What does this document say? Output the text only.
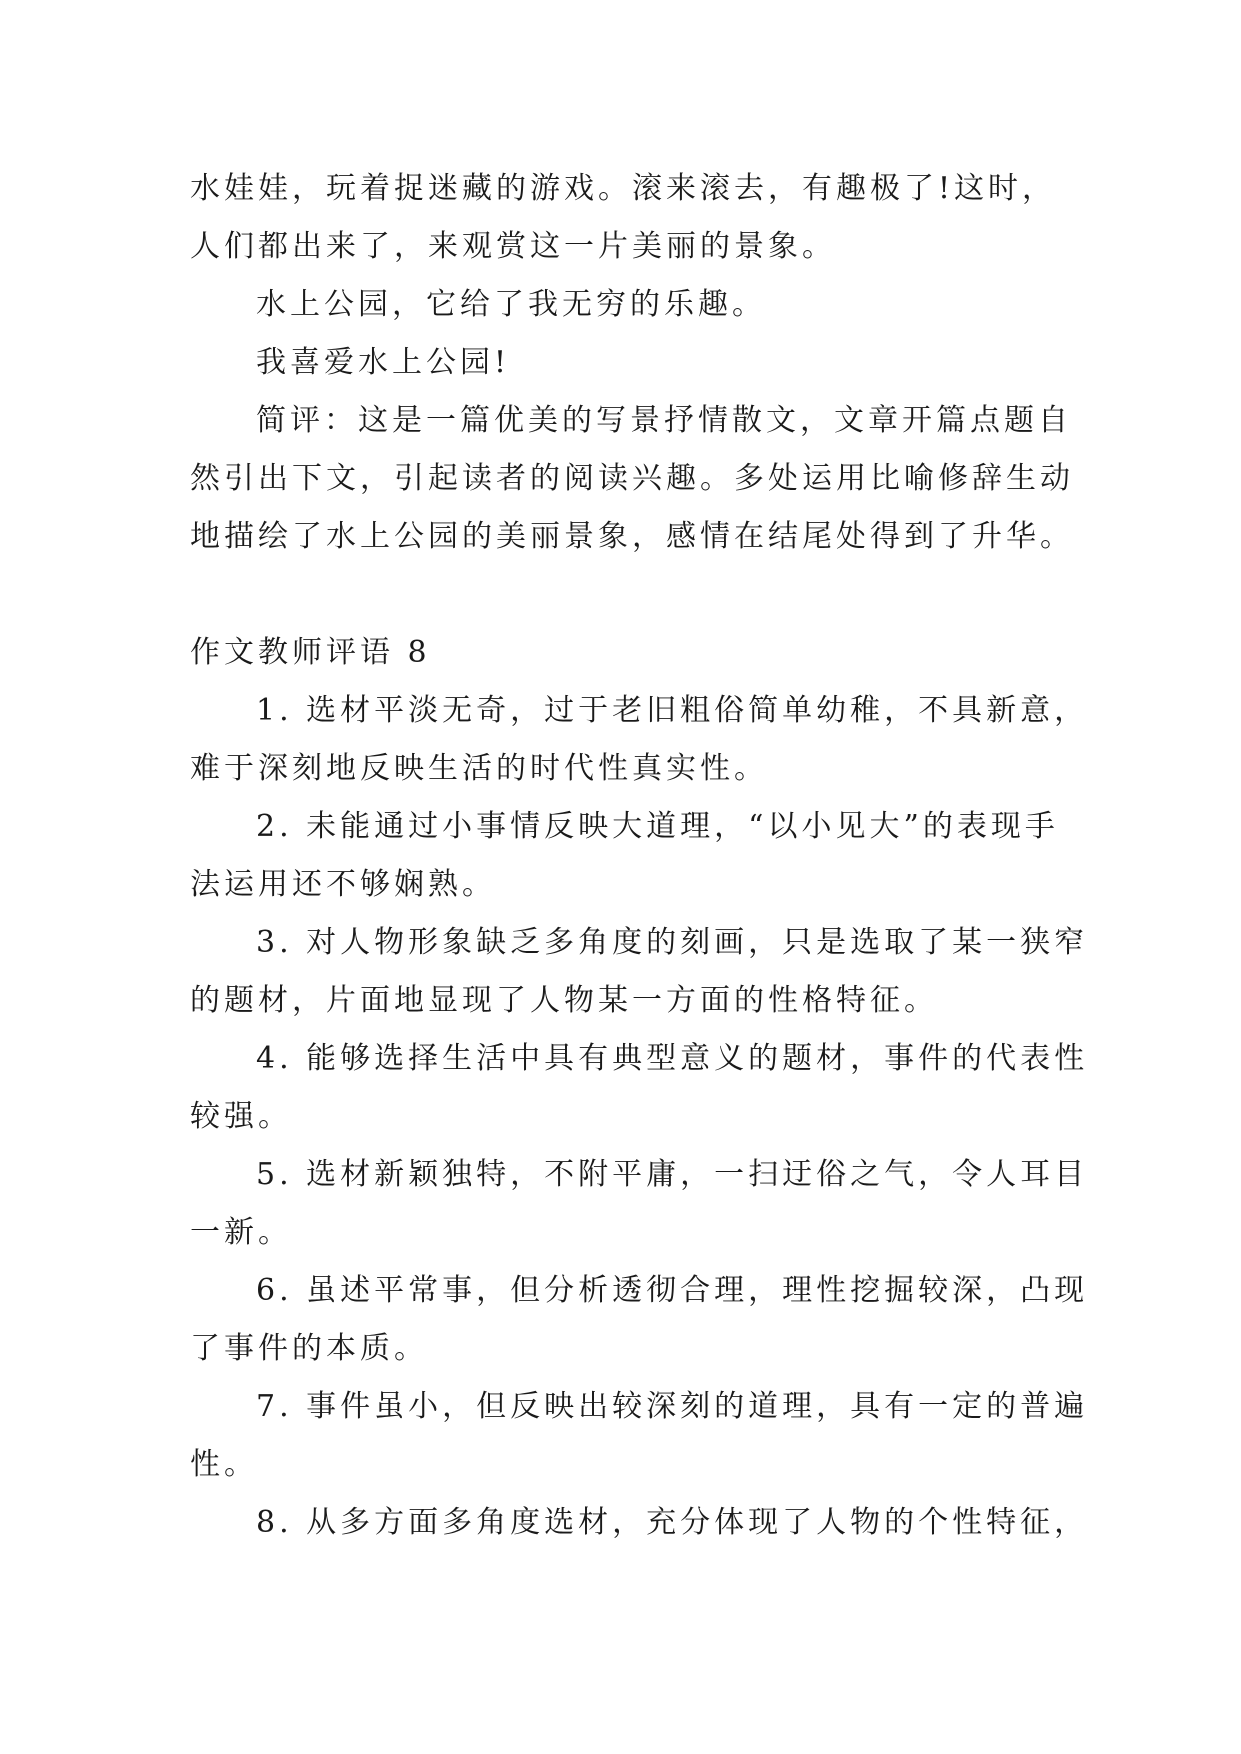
水娃娃，玩着捉迷藏的游戏。滚来滚去，有趣极了!这时，

人们都出来了，来观赏这一片美丽的景象。

水上公园，它给了我无穷的乐趣。

我喜爱水上公园!

简评：这是一篇优美的写景抒情散文，文章开篇点题自

然引出下文，引起读者的阅读兴趣。多处运用比喻修辞生动

地描绘了水上公园的美丽景象，感情在结尾处得到了升华。

作文教师评语 8

1. 选材平淡无奇，过于老旧粗俗简单幼稚，不具新意，

难于深刻地反映生活的时代性真实性。

2. 未能通过小事情反映大道理，“以小见大”的表现手

法运用还不够娴熟。

3. 对人物形象缺乏多角度的刻画，只是选取了某一狭窄

的题材，片面地显现了人物某一方面的性格特征。

4. 能够选择生活中具有典型意义的题材，事件的代表性

较强。

5. 选材新颖独特，不附平庸，一扫迂俗之气，令人耳目

一新。

6. 虽述平常事，但分析透彻合理，理性挖掘较深，凸现

了事件的本质。

7. 事件虽小，但反映出较深刻的道理，具有一定的普遍

性。

8. 从多方面多角度选材，充分体现了人物的个性特征，
